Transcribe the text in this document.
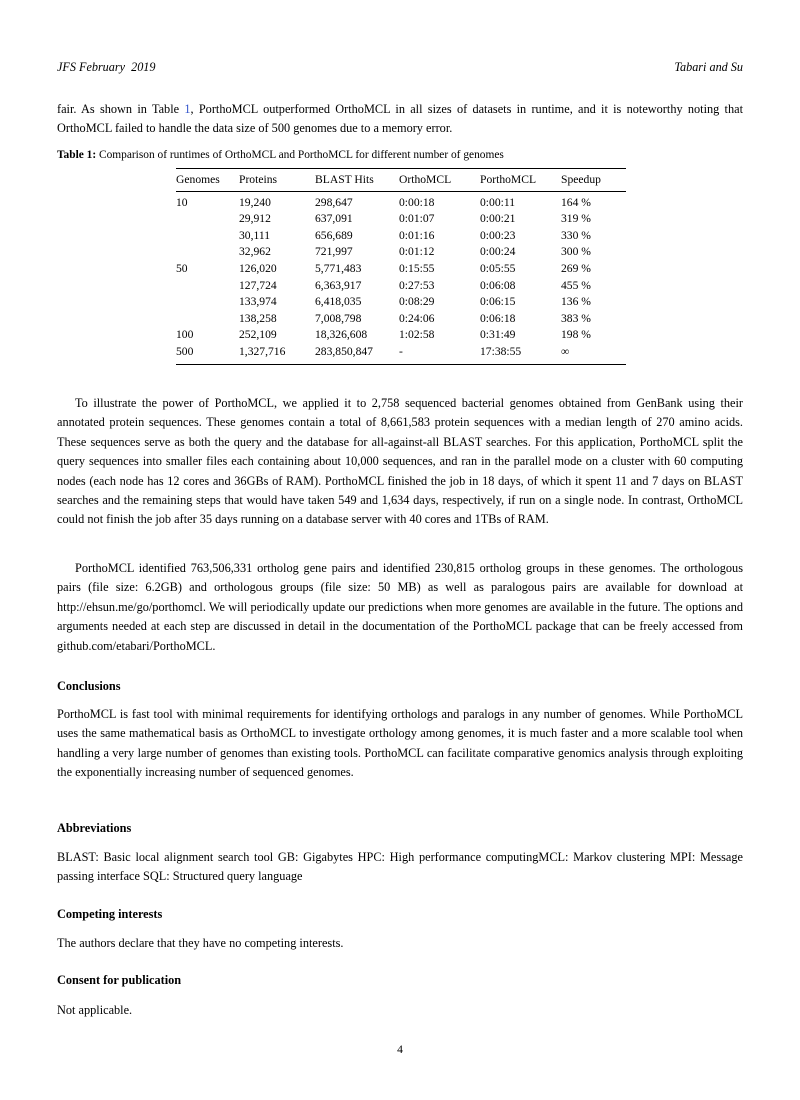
JFS February  2019	Tabari and Su
fair. As shown in Table 1, PorthoMCL outperformed OrthoMCL in all sizes of datasets in runtime, and it is noteworthy noting that OrthoMCL failed to handle the data size of 500 genomes due to a memory error.
Table 1: Comparison of runtimes of OrthoMCL and PorthoMCL for different number of genomes
Genomes	Proteins	BLAST Hits	OrthoMCL	PorthoMCL	Speedup
10	19,240	298,647	0:00:18	0:00:11	164 %
	29,912	637,091	0:01:07	0:00:21	319 %
	30,111	656,689	0:01:16	0:00:23	330 %
	32,962	721,997	0:01:12	0:00:24	300 %
50	126,020	5,771,483	0:15:55	0:05:55	269 %
	127,724	6,363,917	0:27:53	0:06:08	455 %
	133,974	6,418,035	0:08:29	0:06:15	136 %
	138,258	7,008,798	0:24:06	0:06:18	383 %
100	252,109	18,326,608	1:02:58	0:31:49	198 %
500	1,327,716	283,850,847	-	17:38:55	∞
To illustrate the power of PorthoMCL, we applied it to 2,758 sequenced bacterial genomes obtained from GenBank using their annotated protein sequences. These genomes contain a total of 8,661,583 protein sequences with a median length of 270 amino acids. These sequences serve as both the query and the database for all-against-all BLAST searches. For this application, PorthoMCL split the query sequences into smaller files each containing about 10,000 sequences, and ran in the parallel mode on a cluster with 60 computing nodes (each node has 12 cores and 36GBs of RAM). PorthoMCL finished the job in 18 days, of which it spent 11 and 7 days on BLAST searches and the remaining steps that would have taken 549 and 1,634 days, respectively, if run on a single node. In contrast, OrthoMCL could not finish the job after 35 days running on a database server with 40 cores and 1TBs of RAM.
PorthoMCL identified 763,506,331 ortholog gene pairs and identified 230,815 ortholog groups in these genomes. The orthologous pairs (file size: 6.2GB) and orthologous groups (file size: 50 MB) as well as paralogous pairs are available for download at http://ehsun.me/go/porthomcl. We will periodically update our predictions when more genomes are available in the future. The options and arguments needed at each step are discussed in detail in the documentation of the PorthoMCL package that can be freely accessed from github.com/etabari/PorthoMCL.
Conclusions
PorthoMCL is fast tool with minimal requirements for identifying orthologs and paralogs in any number of genomes. While PorthoMCL uses the same mathematical basis as OrthoMCL to investigate orthology among genomes, it is much faster and a more scalable tool when handling a very large number of genomes than existing tools. PorthoMCL can facilitate comparative genomics analysis through exploiting the exponentially increasing number of sequenced genomes.
Abbreviations
BLAST: Basic local alignment search tool GB: Gigabytes HPC: High performance computingMCL: Markov clustering MPI: Message passing interface SQL: Structured query language
Competing interests
The authors declare that they have no competing interests.
Consent for publication
Not applicable.
4
